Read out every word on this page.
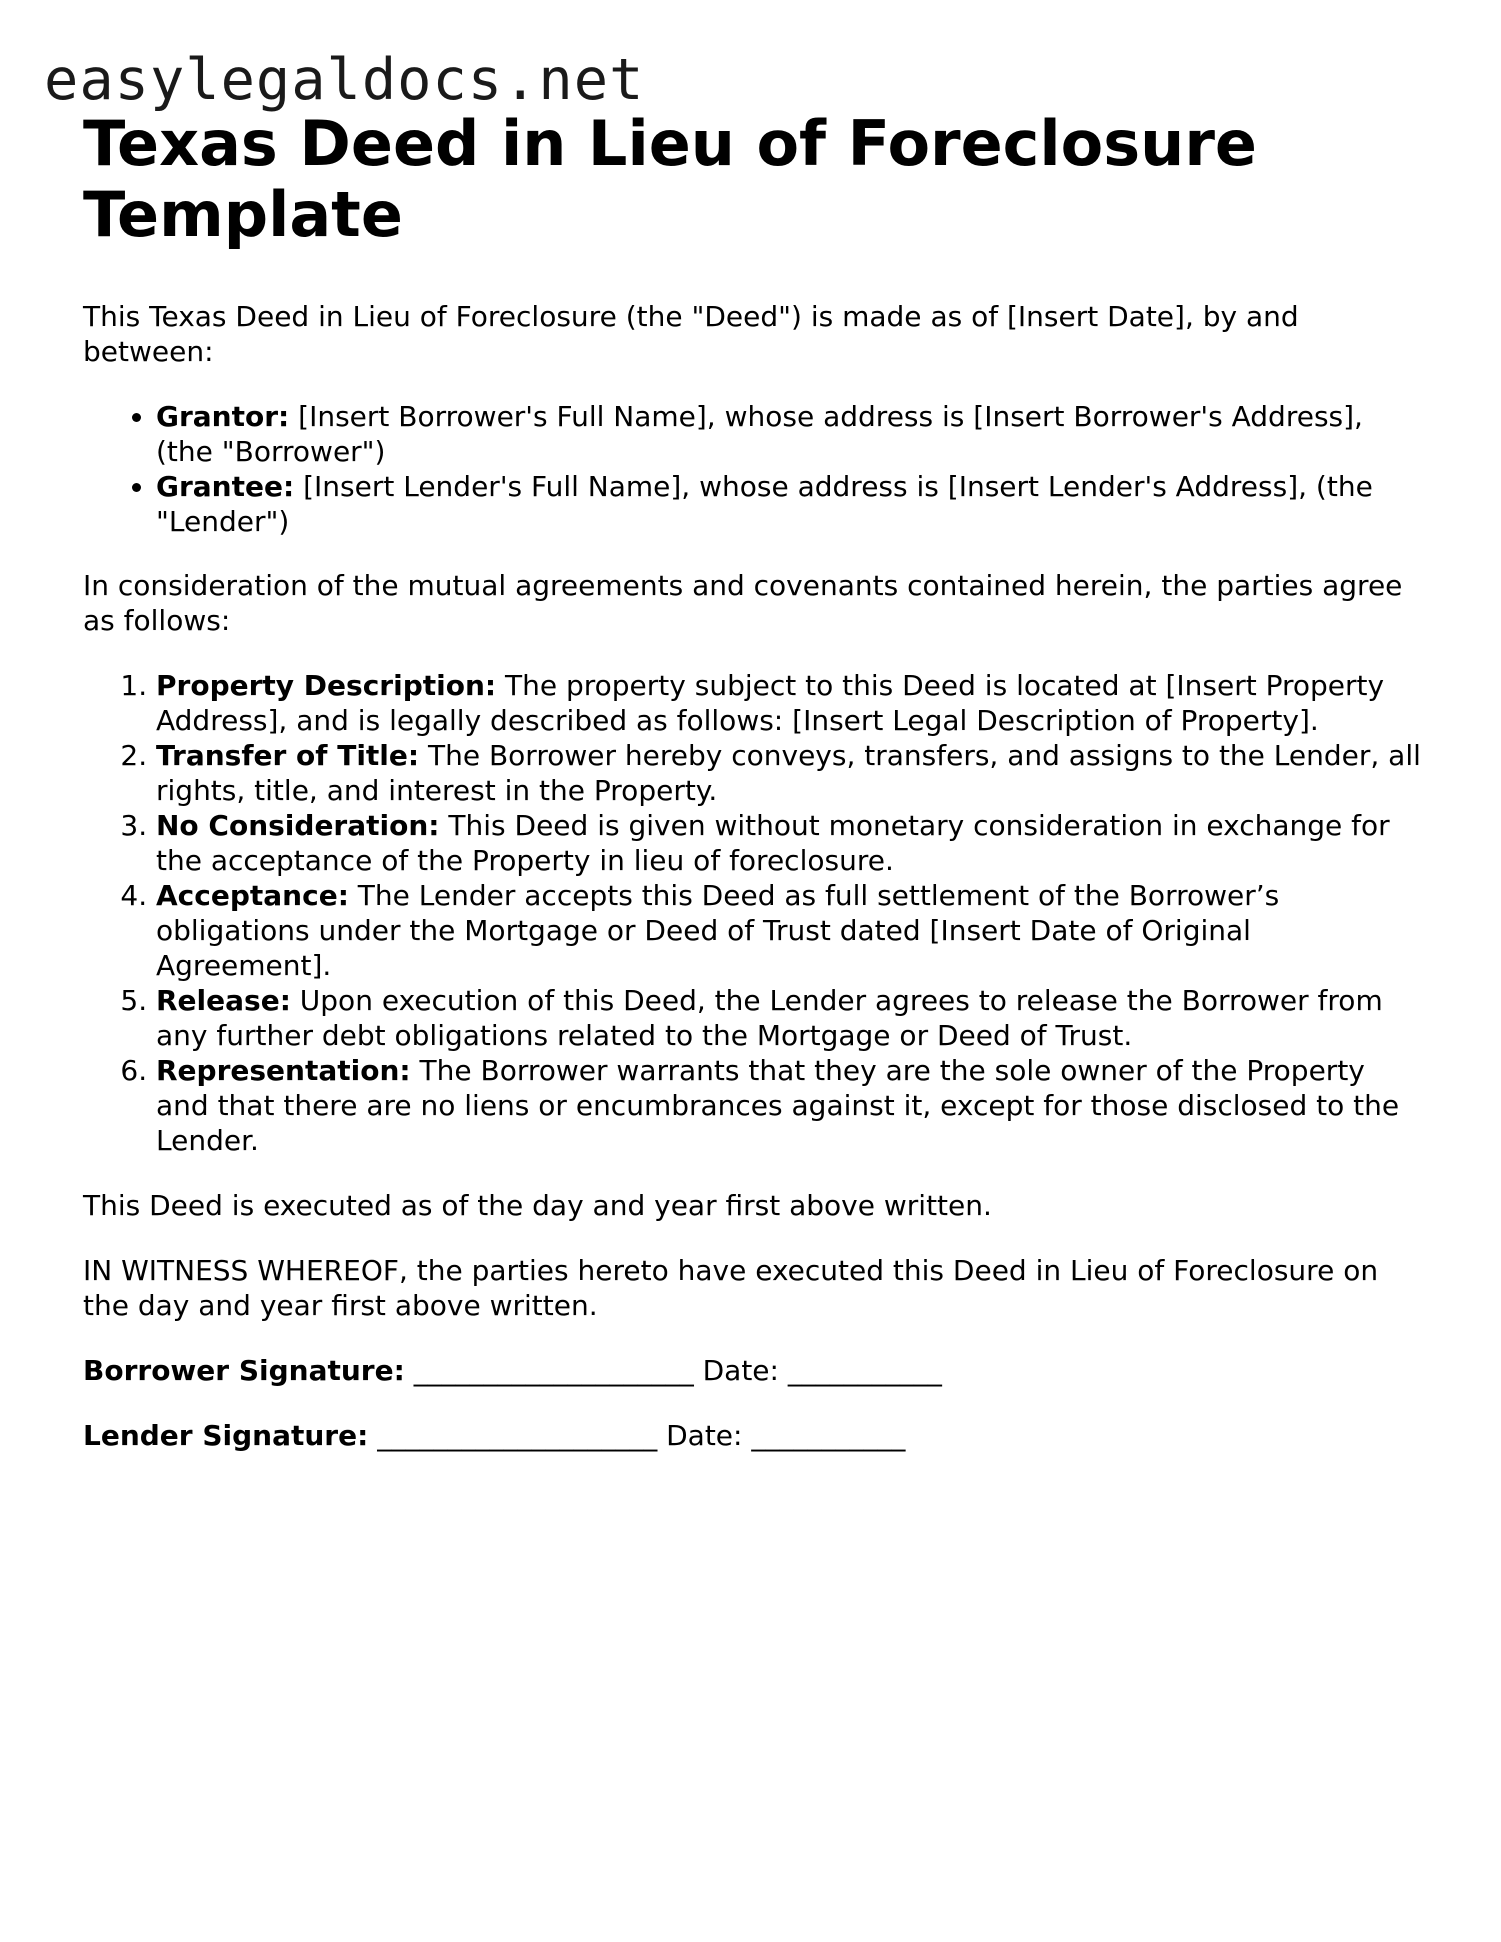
easylegaldocs.net
Texas Deed in Lieu of Foreclosure Template

This Texas Deed in Lieu of Foreclosure (the "Deed") is made as of [Insert Date], by and between:

• Grantor: [Insert Borrower's Full Name], whose address is [Insert Borrower's Address], (the "Borrower")
• Grantee: [Insert Lender's Full Name], whose address is [Insert Lender's Address], (the "Lender")

In consideration of the mutual agreements and covenants contained herein, the parties agree as follows:

1. Property Description: The property subject to this Deed is located at [Insert Property Address], and is legally described as follows: [Insert Legal Description of Property].
2. Transfer of Title: The Borrower hereby conveys, transfers, and assigns to the Lender, all rights, title, and interest in the Property.
3. No Consideration: This Deed is given without monetary consideration in exchange for the acceptance of the Property in lieu of foreclosure.
4. Acceptance: The Lender accepts this Deed as full settlement of the Borrower’s obligations under the Mortgage or Deed of Trust dated [Insert Date of Original Agreement].
5. Release: Upon execution of this Deed, the Lender agrees to release the Borrower from any further debt obligations related to the Mortgage or Deed of Trust.
6. Representation: The Borrower warrants that they are the sole owner of the Property and that there are no liens or encumbrances against it, except for those disclosed to the Lender.

This Deed is executed as of the day and year first above written.

IN WITNESS WHEREOF, the parties hereto have executed this Deed in Lieu of Foreclosure on the day and year first above written.

Borrower Signature: ____________________ Date: ___________
Lender Signature: ____________________ Date: ___________
